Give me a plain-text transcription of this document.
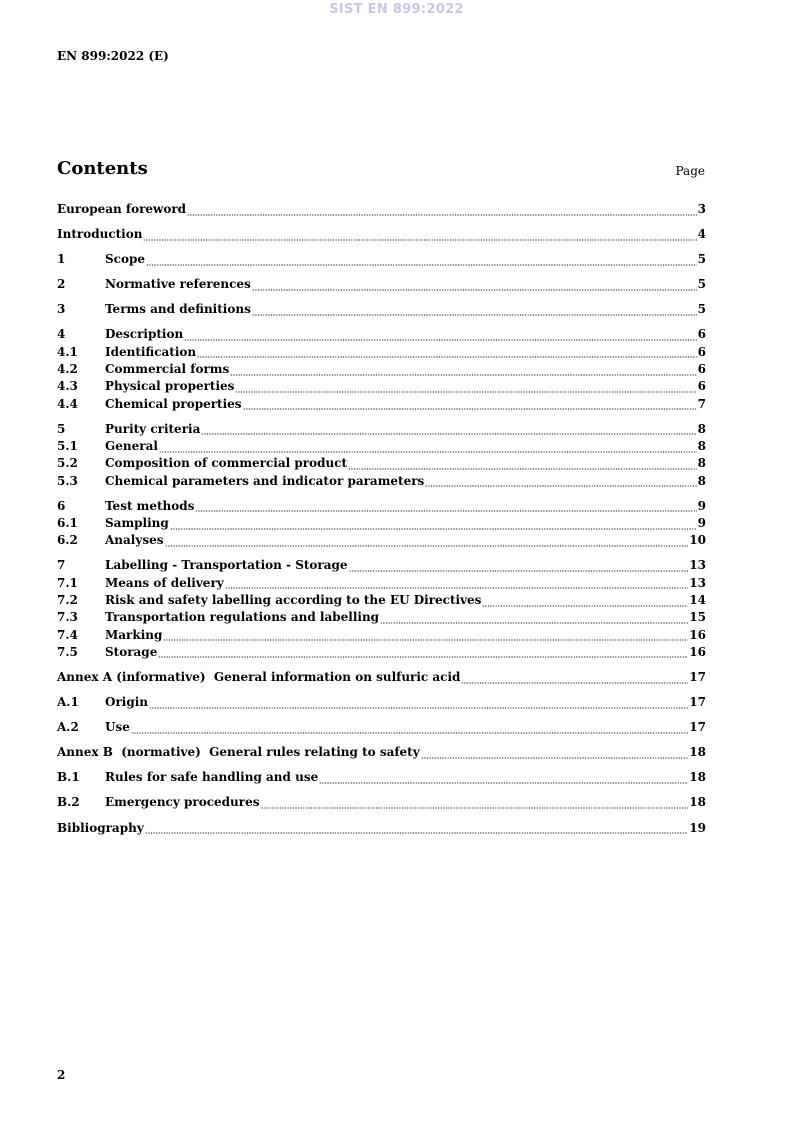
SIST EN 899:2022
EN 899:2022 (E)
Contents	Page
European foreword	3
Introduction	4
1	Scope	5
2	Normative references	5
3	Terms and definitions	5
4	Description	6
4.1	Identification	6
4.2	Commercial forms	6
4.3	Physical properties	6
4.4	Chemical properties	7
5	Purity criteria	8
5.1	General	8
5.2	Composition of commercial product	8
5.3	Chemical parameters and indicator parameters	8
6	Test methods	9
6.1	Sampling	9
6.2	Analyses	10
7	Labelling - Transportation - Storage	13
7.1	Means of delivery	13
7.2	Risk and safety labelling according to the EU Directives	14
7.3	Transportation regulations and labelling	15
7.4	Marking	16
7.5	Storage	16
Annex A (informative)  General information on sulfuric acid	17
A.1	Origin	17
A.2	Use	17
Annex B  (normative)  General rules relating to safety	18
B.1	Rules for safe handling and use	18
B.2	Emergency procedures	18
Bibliography	19
2
